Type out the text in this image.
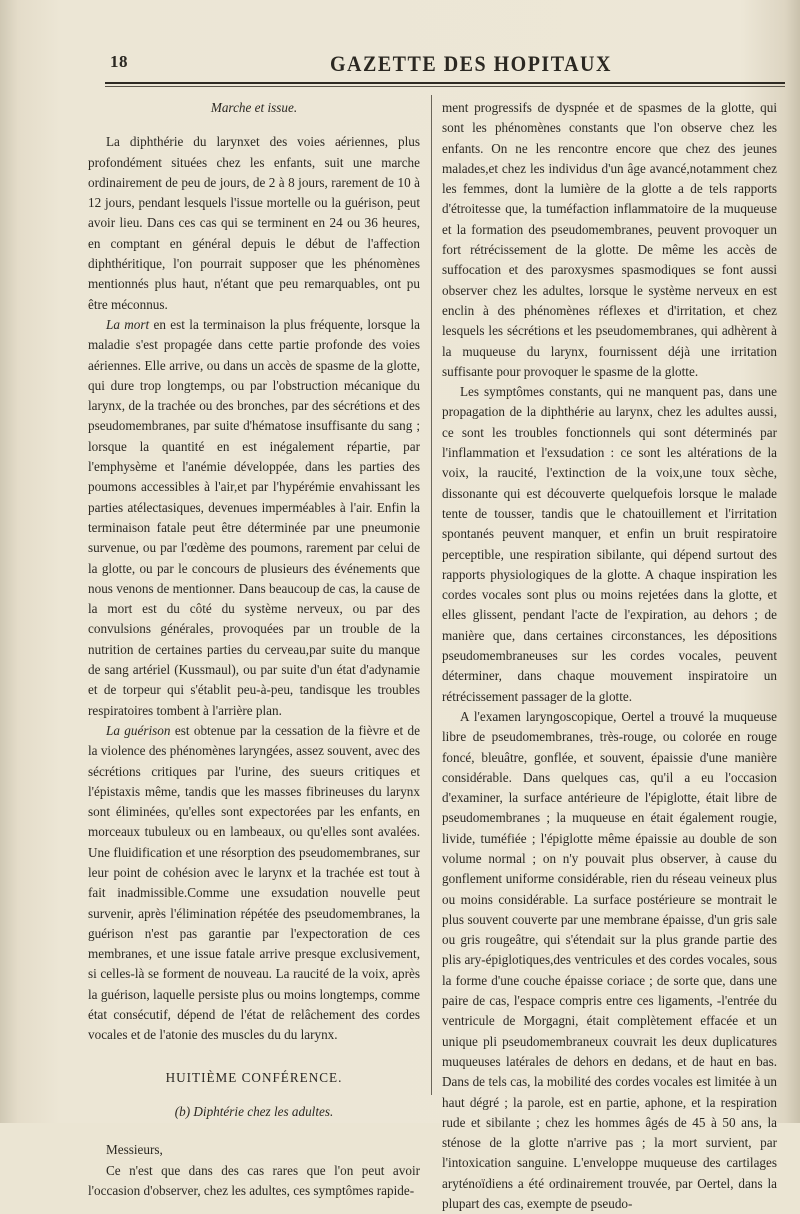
18	GAZETTE DES HOPITAUX
Marche et issue.

La diphthérie du larynxet des voies aériennes, plus profondément situées chez les enfants, suit une marche ordinairement de peu de jours, de 2 à 8 jours, rarement de 10 à 12 jours, pendant lesquels l'issue mortelle ou la guérison, peut avoir lieu. Dans ces cas qui se terminent en 24 ou 36 heures, en comptant en général depuis le début de l'affection diphthéritique, l'on pourrait supposer que les phénomènes mentionnés plus haut, n'étant que peu remarquables, ont pu être méconnus.

La mort en est la terminaison la plus fréquente, lorsque la maladie s'est propagée dans cette partie profonde des voies aériennes. Elle arrive, ou dans un accès de spasme de la glotte, qui dure trop longtemps, ou par l'obstruction mécanique du larynx, de la trachée ou des bronches, par des sécrétions et des pseudomembranes, par suite d'hématose insuffisante du sang ; lorsque la quantité en est inégalement répartie, par l'emphysème et l'anémie développée, dans les parties des poumons accessibles à l'air,et par l'hypérémie envahissant les parties atélectasiques, devenues imperméables à l'air. Enfin la terminaison fatale peut être déterminée par une pneumonie survenue, ou par l'œdème des poumons, rarement par celui de la glotte, ou par le concours de plusieurs des événements que nous venons de mentionner. Dans beaucoup de cas, la cause de la mort est du côté du système nerveux, ou par des convulsions générales, provoquées par un trouble de la nutrition de certaines parties du cerveau,par suite du manque de sang artériel (Kussmaul), ou par suite d'un état d'adynamie et de torpeur qui s'établit peu-à-peu, tandisque les troubles respiratoires tombent à l'arrière plan.

La guérison est obtenue par la cessation de la fièvre et de la violence des phénomènes laryngées, assez souvent, avec des sécrétions critiques par l'urine, des sueurs critiques et l'épistaxis même, tandis que les masses fibrineuses du larynx sont éliminées, qu'elles sont expectorées par les enfants, en morceaux tubuleux ou en lambeaux, ou qu'elles sont avalées. Une fluidification et une résorption des pseudomembranes, sur leur point de cohésion avec le larynx et la trachée est tout à fait inadmissible.Comme une exsudation nouvelle peut survenir, après l'élimination répétée des pseudomembranes, la guérison n'est pas garantie par l'expectoration de ces membranes, et une issue fatale arrive presque exclusivement, si celles-là se forment de nouveau. La raucité de la voix, après la guérison, laquelle persiste plus ou moins longtemps, comme état consécutif, dépend de l'état de relâchement des cordes vocales et de l'atonie des muscles du du larynx.

HUITIÈME CONFÉRENCE.
(b) Diphtérie chez les adultes.

Messieurs,

Ce n'est que dans des cas rares que l'on peut avoir l'occasion d'observer, chez les adultes, ces symptômes rapide-

ment progressifs de dyspnée et de spasmes de la glotte, qui sont les phénomènes constants que l'on observe chez les enfants. On ne les rencontre encore que chez des jeunes malades,et chez les individus d'un âge avancé,notamment chez les femmes, dont la lumière de la glotte a de tels rapports d'étroitesse que, la tuméfaction inflammatoire de la muqueuse et la formation des pseudomembranes, peuvent provoquer un fort rétrécissement de la glotte. De même les accès de suffocation et des paroxysmes spasmodiques se font aussi observer chez les adultes, lorsque le système nerveux en est enclin à des phénomènes réflexes et d'irritation, et chez lesquels les sécrétions et les pseudomembranes, qui adhèrent à la muqueuse du larynx, fournissent déjà une irritation suffisante pour provoquer le spasme de la glotte.

Les symptômes constants, qui ne manquent pas, dans une propagation de la diphthérie au larynx, chez les adultes aussi, ce sont les troubles fonctionnels qui sont déterminés par l'inflammation et l'exsudation : ce sont les altérations de la voix, la raucité, l'extinction de la voix,une toux sèche, dissonante qui est découverte quelquefois lorsque le malade tente de tousser, tandis que le chatouillement et l'irritation spontanés peuvent manquer, et enfin un bruit respiratoire perceptible, une respiration sibilante, qui dépend surtout des rapports physiologiques de la glotte. A chaque inspiration les cordes vocales sont plus ou moins rejetées dans la glotte, et elles glissent, pendant l'acte de l'expiration, au dehors ; de manière que, dans certaines circonstances, les dépositions pseudomembraneuses sur les cordes vocales, peuvent déterminer, dans chaque mouvement inspiratoire un rétrécissement passager de la glotte.

A l'examen laryngoscopique, Oertel a trouvé la muqueuse libre de pseudomembranes, très-rouge, ou colorée en rouge foncé, bleuâtre, gonflée, et souvent, épaissie d'une manière considérable. Dans quelques cas, qu'il a eu l'occasion d'examiner, la surface antérieure de l'épiglotte, était libre de pseudomembranes ; la muqueuse en était également rougie, livide, tuméfiée ; l'épiglotte même épaissie au double de son volume normal ; on n'y pouvait plus observer, à cause du gonflement uniforme considérable, rien du réseau veineux plus ou moins considérable. La surface postérieure se montrait le plus souvent couverte par une membrane épaisse, d'un gris sale ou gris rougeâtre, qui s'étendait sur la plus grande partie des plis ary-épiglotiques,des ventricules et des cordes vocales, sous la forme d'une couche épaisse coriace ; de sorte que, dans une paire de cas, l'espace compris entre ces ligaments, -l'entrée du ventricule de Morgagni, était complètement effacée et un unique pli pseudomembraneux couvrait les deux duplicatures muqueuses latérales de dehors en dedans, et de haut en bas. Dans de tels cas, la mobilité des cordes vocales est limitée à un haut dégré ; la parole, est en partie, aphone, et la respiration rude et sibilante ; chez les hommes âgés de 45 à 50 ans, la sténose de la glotte n'arrive pas ; la mort survient, par l'intoxication sanguine. L'enveloppe muqueuse des cartilages aryténoïdiens a été ordinairement trouvée, par Oertel, dans la plupart des cas, exempte de pseudo-
